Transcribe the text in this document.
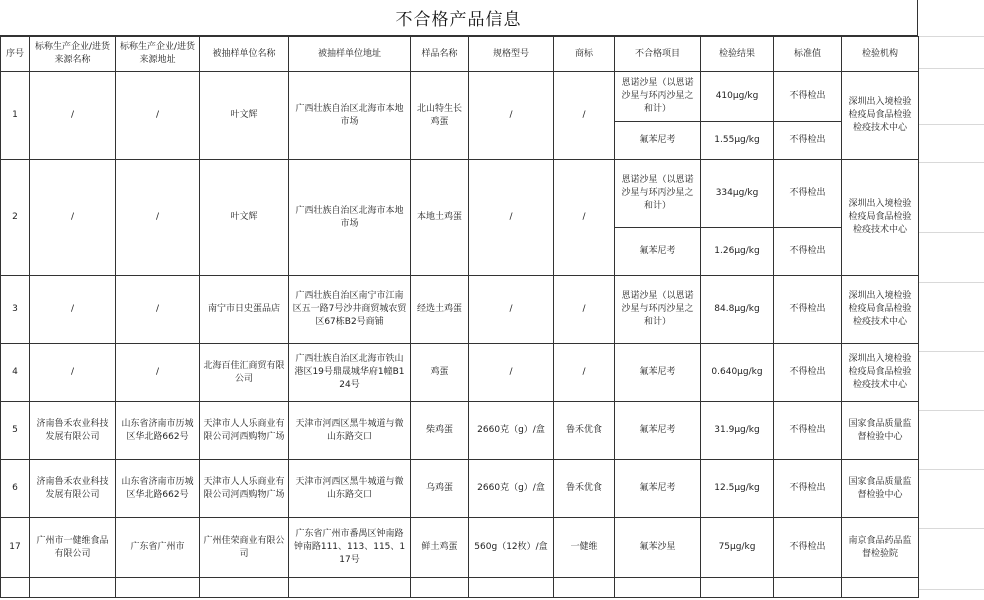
不合格产品信息
序号	标称生产企业/进货来源名称	标称生产企业/进货来源地址	被抽样单位名称	被抽样单位地址	样品名称	规格型号	商标	不合格项目	检验结果	标准值	检验机构
1	/	/	叶文辉	广西壮族自治区北海市本地市场	北山特生长鸡蛋	/	/	恩诺沙星（以恩诺沙星与环丙沙星之和计）	410μg/kg	不得检出	深圳出入境检验检疫局食品检验检疫技术中心
								氟苯尼考	1.55μg/kg	不得检出	
2	/	/	叶文辉	广西壮族自治区北海市本地市场	本地土鸡蛋	/	/	恩诺沙星（以恩诺沙星与环丙沙星之和计）	334μg/kg	不得检出	深圳出入境检验检疫局食品检验检疫技术中心
								氟苯尼考	1.26μg/kg	不得检出	
3	/	/	南宁市日史蛋品店	广西壮族自治区南宁市江南区五一路7号沙井商贸城农贸区67栋B2号商铺	经选土鸡蛋	/	/	恩诺沙星（以恩诺沙星与环丙沙星之和计）	84.8μg/kg	不得检出	深圳出入境检验检疫局食品检验检疫技术中心
4	/	/	北海百佳汇商贸有限公司	广西壮族自治区北海市铁山港区19号鼎晟城华府1幢B124号	鸡蛋	/	/	氟苯尼考	0.640μg/kg	不得检出	深圳出入境检验检疫局食品检验检疫技术中心
5	济南鲁禾农业科技发展有限公司	山东省济南市历城区华北路662号	天津市人人乐商业有限公司河西购物广场	天津市河西区黑牛城道与微山东路交口	柴鸡蛋	2660克（g）/盒	鲁禾优食	氟苯尼考	31.9μg/kg	不得检出	国家食品质量监督检验中心
6	济南鲁禾农业科技发展有限公司	山东省济南市历城区华北路662号	天津市人人乐商业有限公司河西购物广场	天津市河西区黑牛城道与微山东路交口	乌鸡蛋	2660克（g）/盒	鲁禾优食	氟苯尼考	12.5μg/kg	不得检出	国家食品质量监督检验中心
17	广州市一健维食品有限公司	广东省广州市	广州佳荣商业有限公司	广东省广州市番禺区钟南路钟南路111、113、115、117号	鲜土鸡蛋	560g（12枚）/盒	一健维	氟苯沙星	75μg/kg	不得检出	南京食品药品监督检验院
